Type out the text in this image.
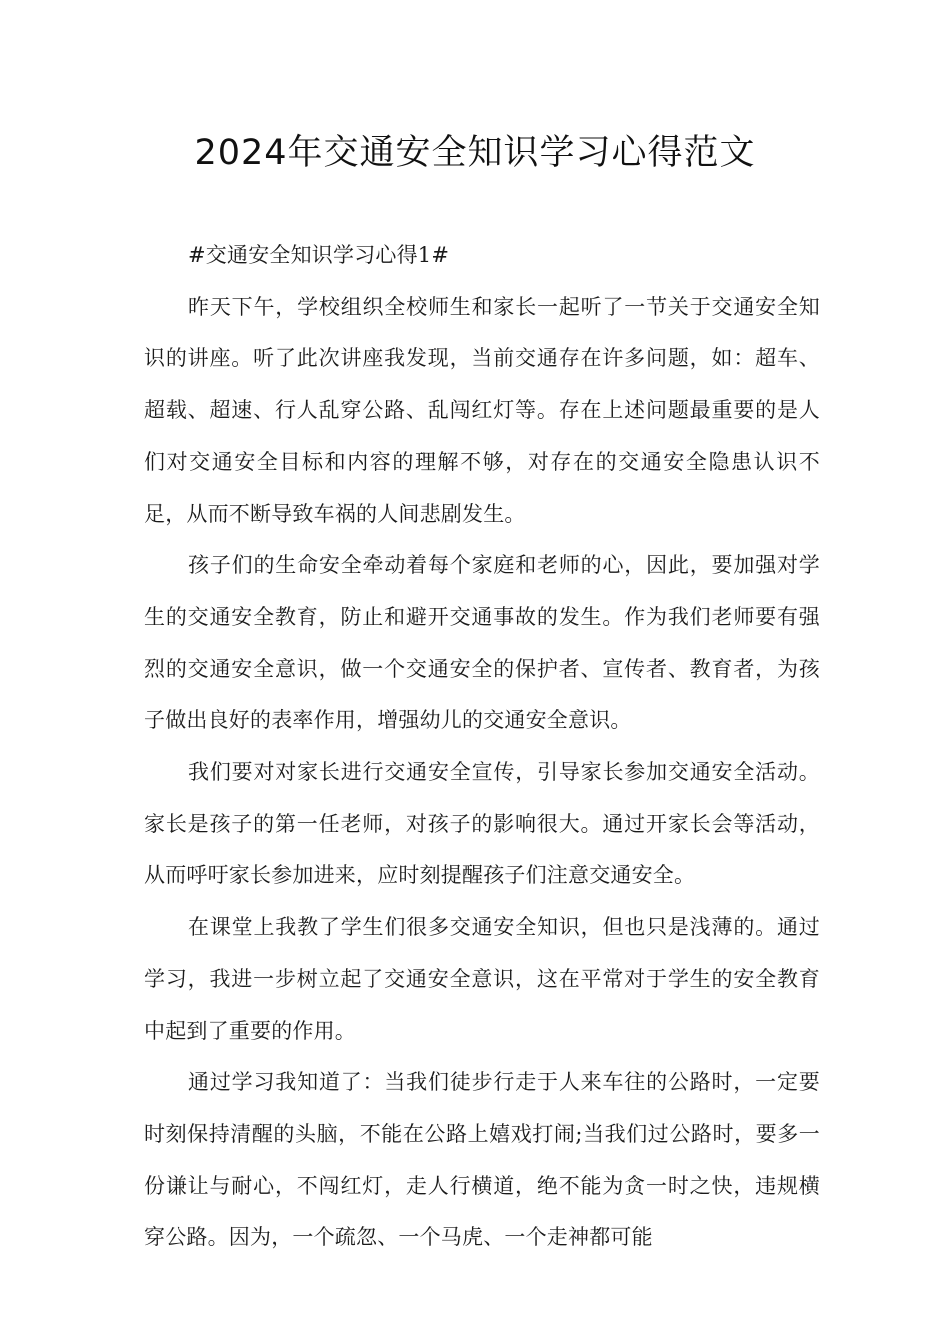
2024年交通安全知识学习心得范文

#交通安全知识学习心得1#

昨天下午，学校组织全校师生和家长一起听了一节关于交通安全知识的讲座。听了此次讲座我发现，当前交通存在许多问题，如：超车、超载、超速、行人乱穿公路、乱闯红灯等。存在上述问题最重要的是人们对交通安全目标和内容的理解不够，对存在的交通安全隐患认识不足，从而不断导致车祸的人间悲剧发生。

孩子们的生命安全牵动着每个家庭和老师的心，因此，要加强对学生的交通安全教育，防止和避开交通事故的发生。作为我们老师要有强烈的交通安全意识，做一个交通安全的保护者、宣传者、教育者，为孩子做出良好的表率作用，增强幼儿的交通安全意识。

我们要对对家长进行交通安全宣传，引导家长参加交通安全活动。家长是孩子的第一任老师，对孩子的影响很大。通过开家长会等活动，从而呼吁家长参加进来，应时刻提醒孩子们注意交通安全。

在课堂上我教了学生们很多交通安全知识，但也只是浅薄的。通过学习，我进一步树立起了交通安全意识，这在平常对于学生的安全教育中起到了重要的作用。

通过学习我知道了：当我们徒步行走于人来车往的公路时，一定要时刻保持清醒的头脑，不能在公路上嬉戏打闹;当我们过公路时，要多一份谦让与耐心，不闯红灯，走人行横道，绝不能为贪一时之快，违规横穿公路。因为，一个疏忽、一个马虎、一个走神都可能
